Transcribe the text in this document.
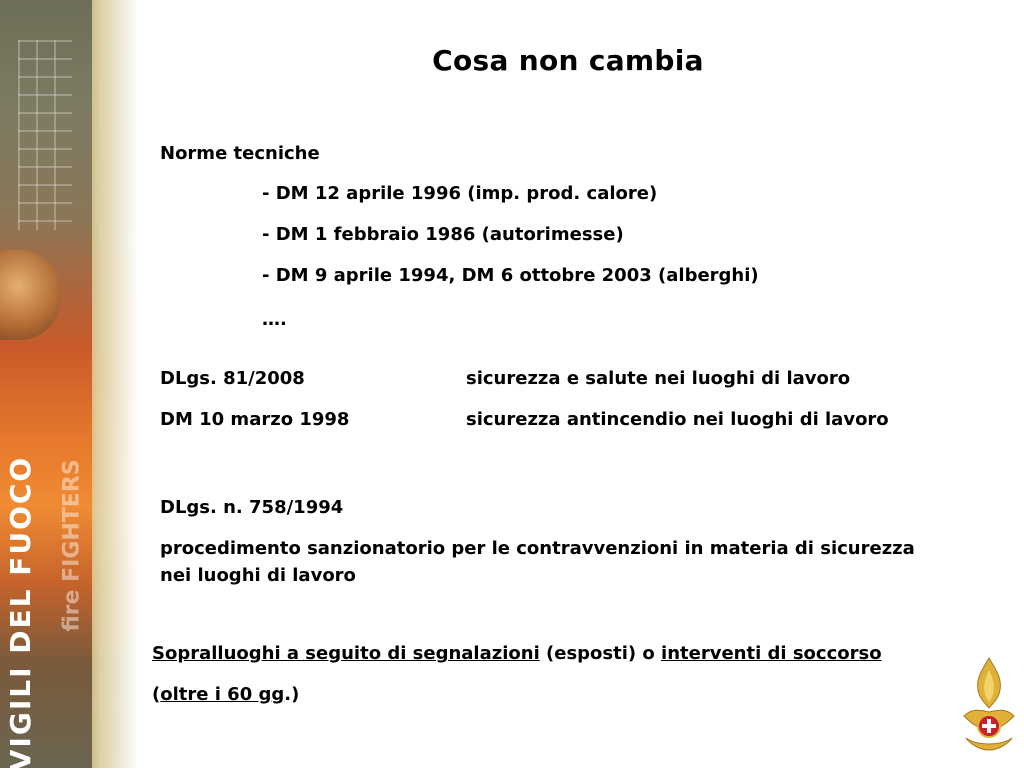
VIGILI DEL FUOCO fire FIGHTERS
Cosa non cambia
Norme tecniche
- DM 12 aprile 1996 (imp. prod. calore)
- DM 1 febbraio 1986 (autorimesse)
- DM 9 aprile 1994, DM 6 ottobre 2003 (alberghi)
….
DLgs. 81/2008	sicurezza e salute nei luoghi di lavoro
DM 10 marzo 1998	sicurezza antincendio nei luoghi di lavoro
DLgs. n. 758/1994
procedimento sanzionatorio per le contravvenzioni in materia di sicurezza
nei luoghi di lavoro
Sopralluoghi a seguito di segnalazioni (esposti) o interventi di soccorso
(oltre i 60 gg.)
